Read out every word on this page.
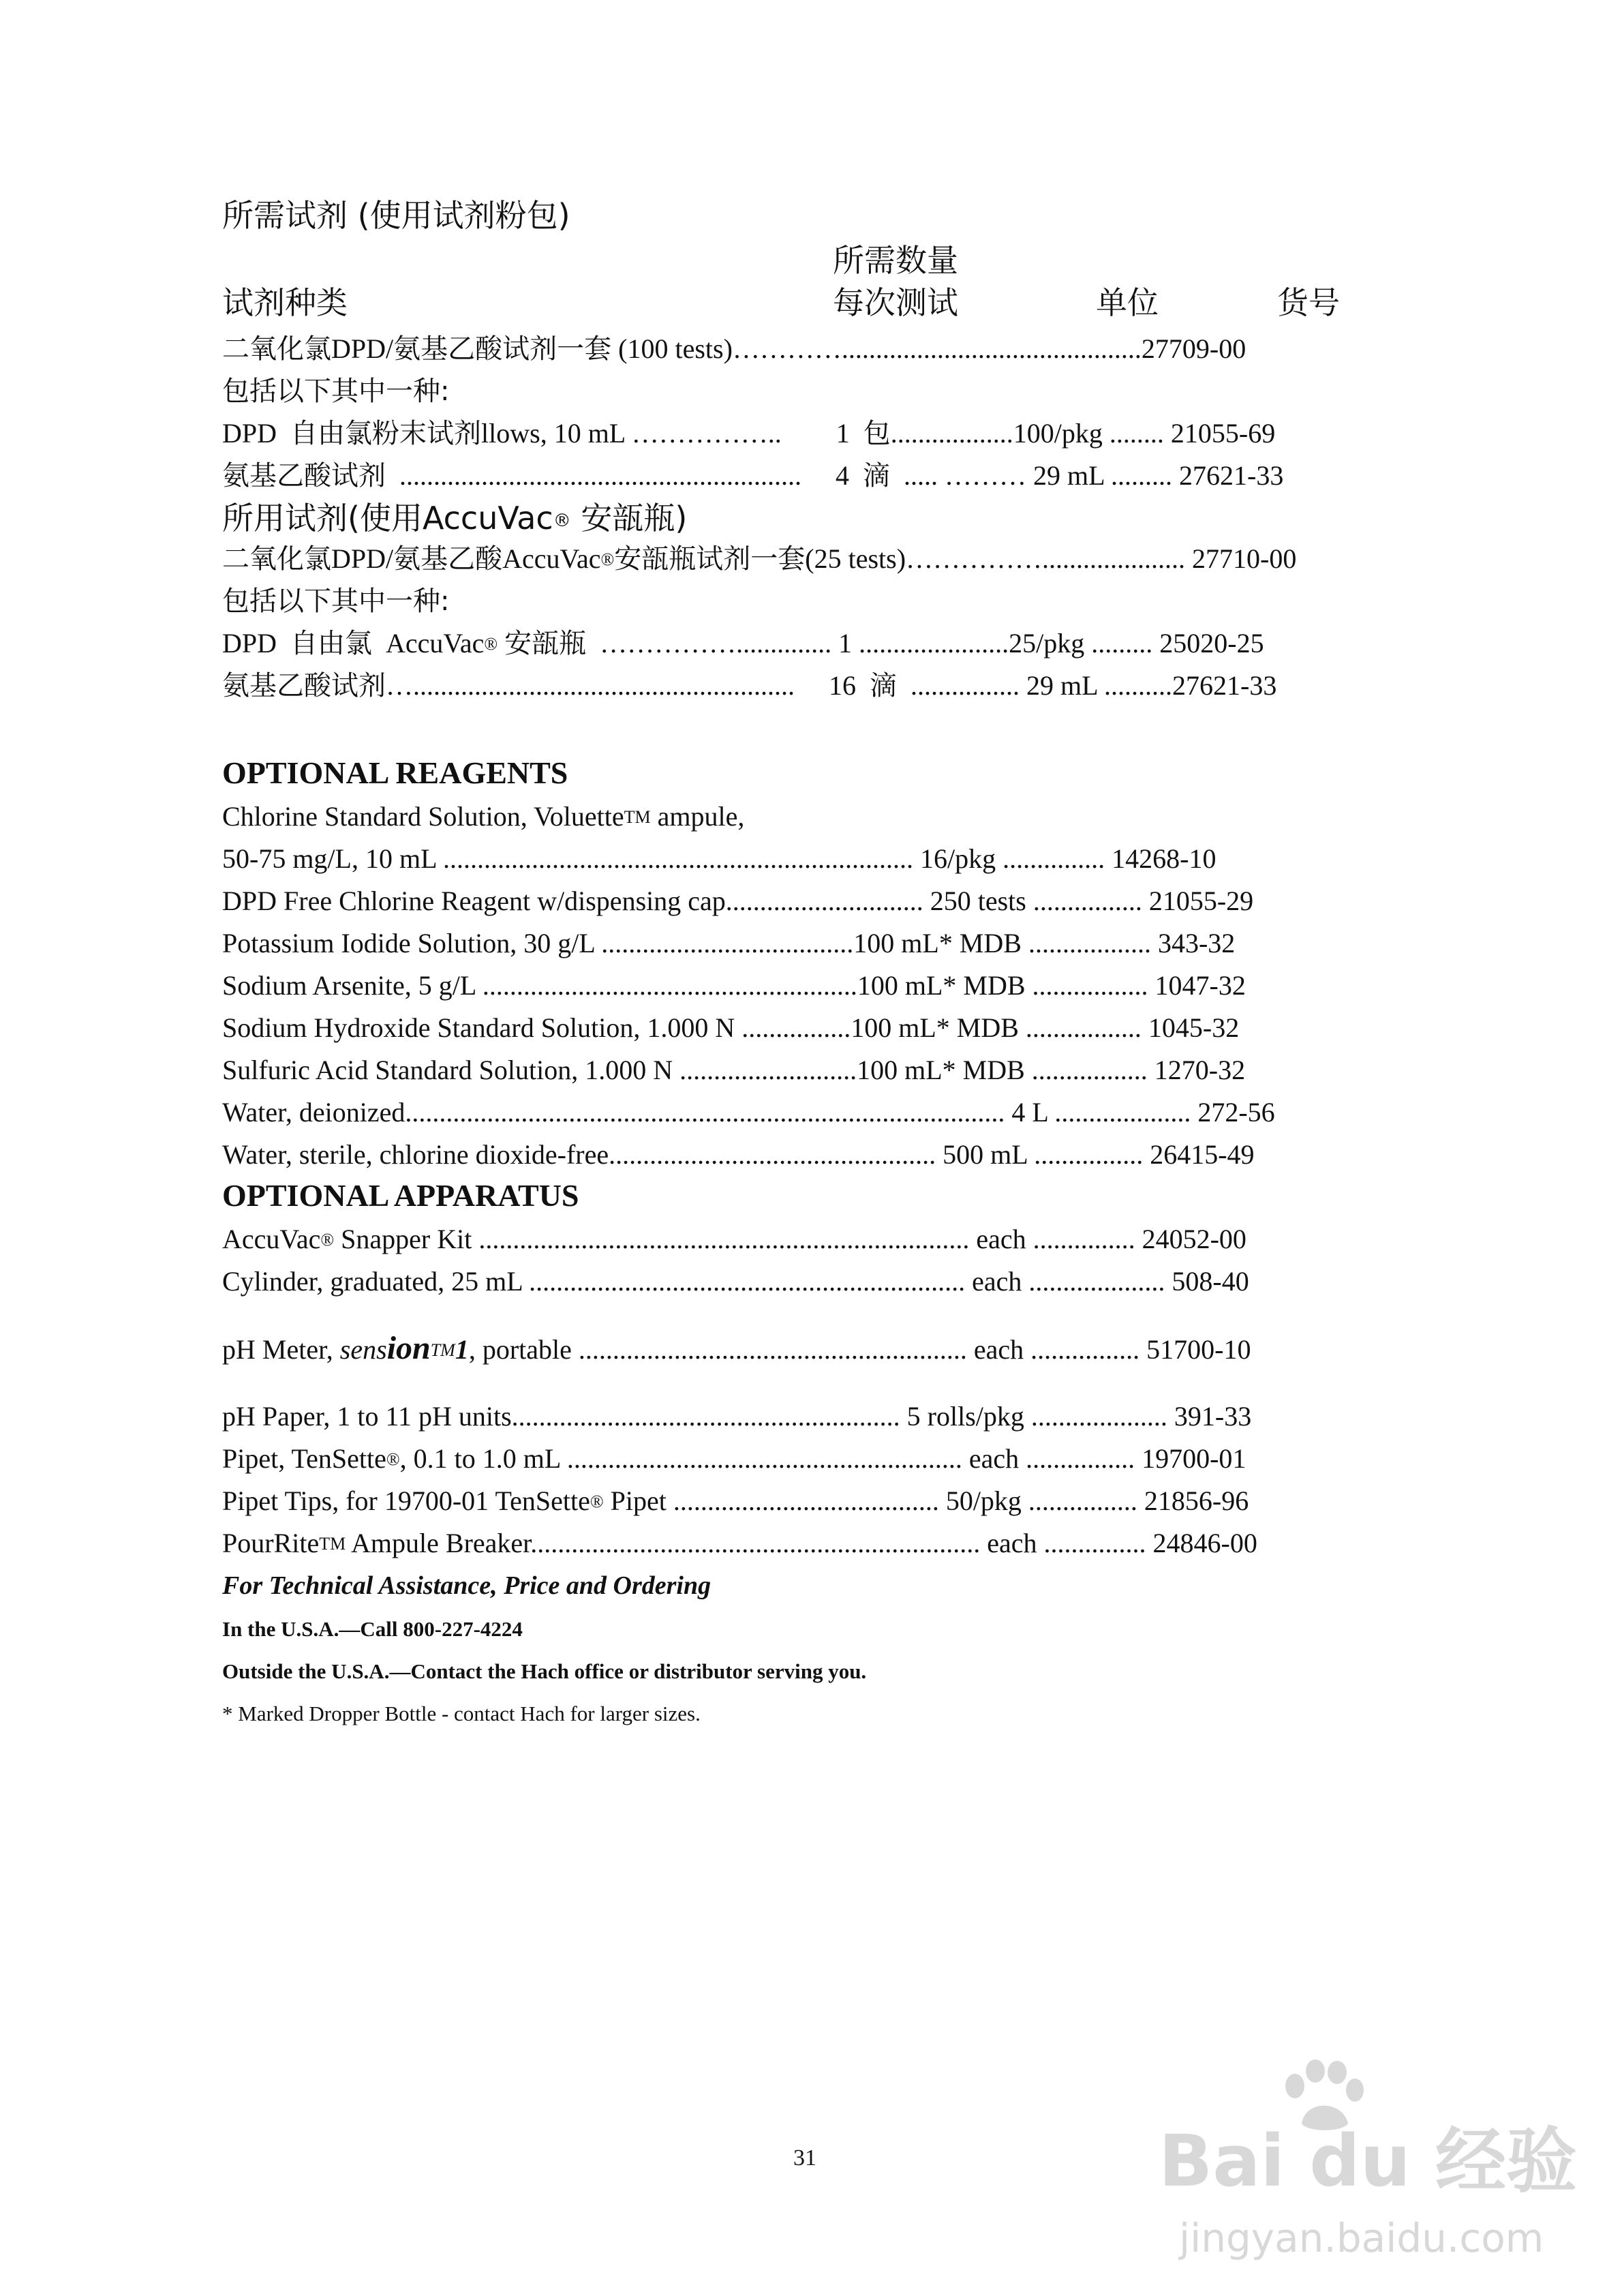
所需试剂 (使用试剂粉包)
所需数量
试剂种类	每次测试	单位	货号
二氧化氯DPD/氨基乙酸试剂一套 (100 tests)…………............................................27709-00
包括以下其中一种:
DPD  自由氯粉末试剂llows, 10 mL ……………..        1  包..................100/pkg ........ 21055-69
氨基乙酸试剂  ...........................................................     4  滴  ..... ……… 29 mL ......... 27621-33
所用试剂(使用AccuVac® 安瓿瓶)
二氧化氯DPD/氨基乙酸AccuVac®安瓿瓶试剂一套(25 tests)……………..................... 27710-00
包括以下其中一种:
DPD  自由氯  AccuVac® 安瓿瓶  …………….............. 1 ......................25/pkg ......... 25020-25
氨基乙酸试剂…........................................................     16  滴  ................ 29 mL ..........27621-33
OPTIONAL REAGENTS
Chlorine Standard Solution, VoluetteTM ampule,
50-75 mg/L, 10 mL ..................................................................... 16/pkg ............... 14268-10
DPD Free Chlorine Reagent w/dispensing cap............................. 250 tests ................ 21055-29
Potassium Iodide Solution, 30 g/L .....................................100 mL* MDB .................. 343-32
Sodium Arsenite, 5 g/L .......................................................100 mL* MDB ................. 1047-32
Sodium Hydroxide Standard Solution, 1.000 N ................100 mL* MDB ................. 1045-32
Sulfuric Acid Standard Solution, 1.000 N ..........................100 mL* MDB ................. 1270-32
Water, deionized........................................................................................ 4 L .................... 272-56
Water, sterile, chlorine dioxide-free................................................ 500 mL ................ 26415-49
OPTIONAL APPARATUS
AccuVac® Snapper Kit ........................................................................ each ............... 24052-00
Cylinder, graduated, 25 mL ................................................................ each .................... 508-40
pH Meter, sensionTM1, portable ......................................................... each ................ 51700-10
pH Paper, 1 to 11 pH units......................................................... 5 rolls/pkg .................... 391-33
Pipet, TenSette®, 0.1 to 1.0 mL .......................................................... each ................ 19700-01
Pipet Tips, for 19700-01 TenSette® Pipet ....................................... 50/pkg ................ 21856-96
PourRiteTM Ampule Breaker.................................................................. each ............... 24846-00
For Technical Assistance, Price and Ordering
In the U.S.A.—Call 800-227-4224
Outside the U.S.A.—Contact the Hach office or distributor serving you.
* Marked Dropper Bottle - contact Hach for larger sizes.
31	Bai du 经验
jingyan.baidu.com
